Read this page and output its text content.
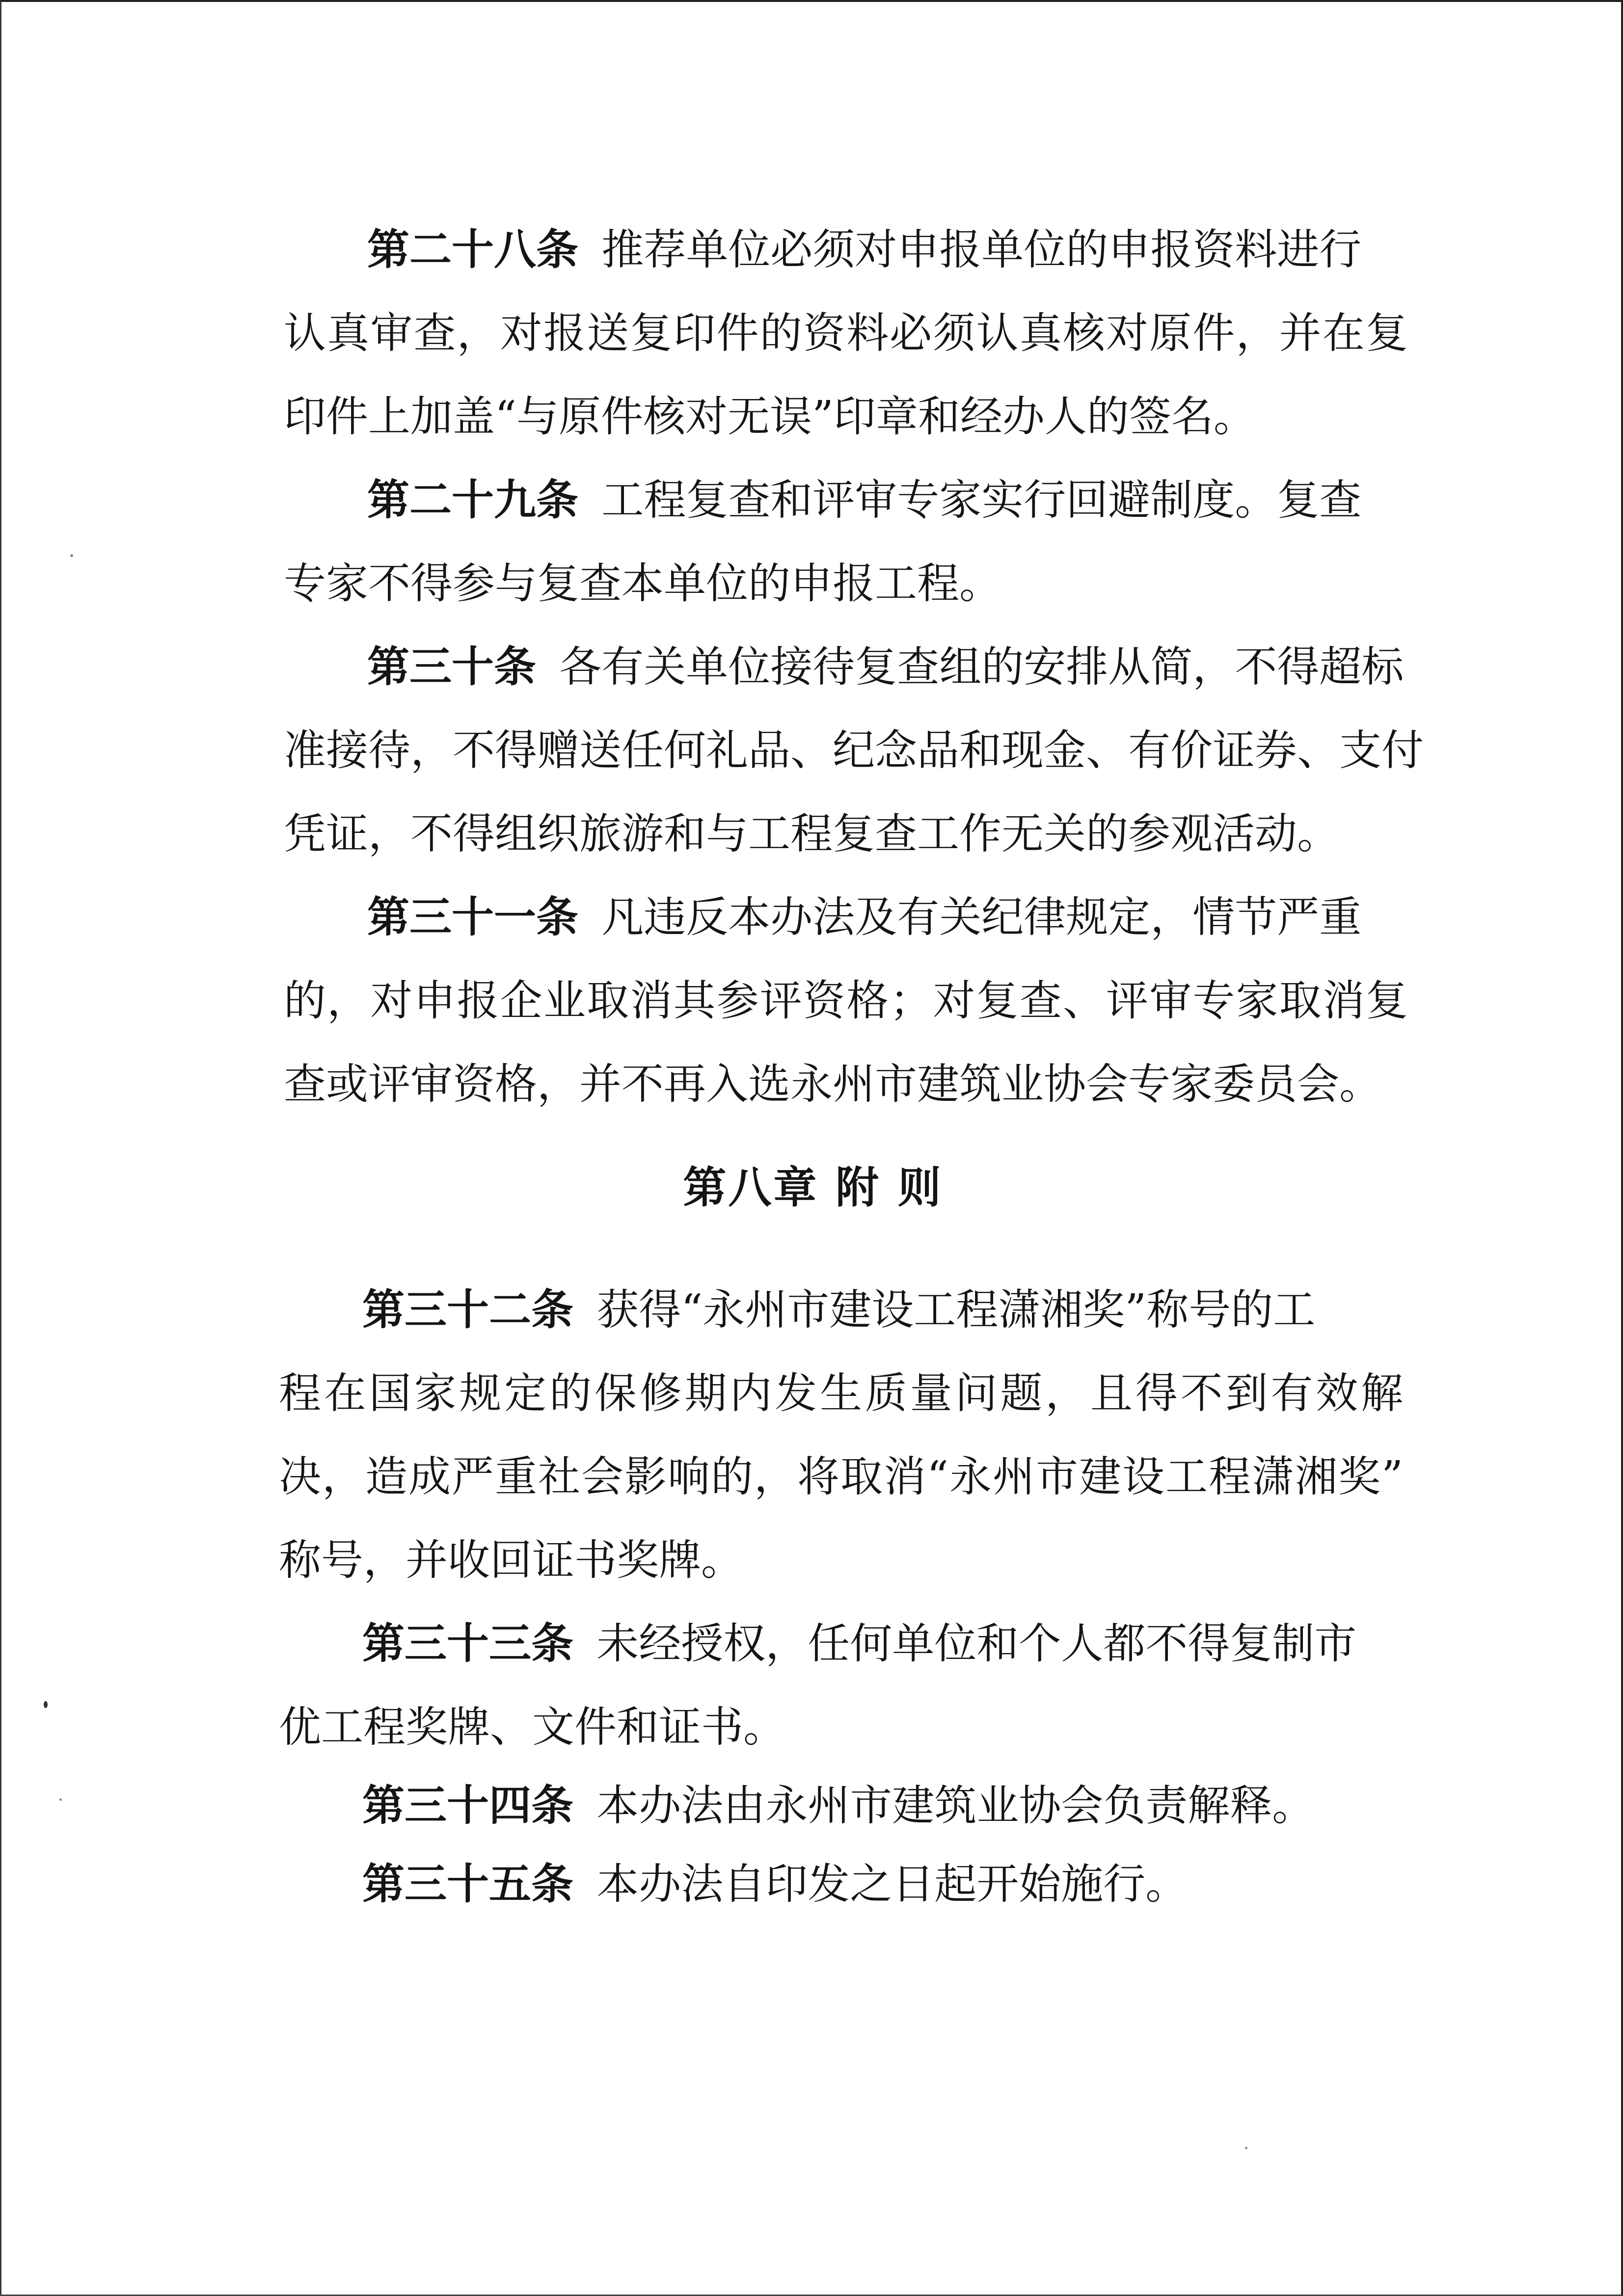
第二十八条 推荐单位必须对申报单位的申报资料进行
认真审查，对报送复印件的资料必须认真核对原件，并在复
印件上加盖“与原件核对无误”印章和经办人的签名。
第二十九条 工程复查和评审专家实行回避制度。复查
专家不得参与复查本单位的申报工程。
第三十条 各有关单位接待复查组的安排从简，不得超标
准接待，不得赠送任何礼品、纪念品和现金、有价证券、支付
凭证，不得组织旅游和与工程复查工作无关的参观活动。
第三十一条 凡违反本办法及有关纪律规定，情节严重
的，对申报企业取消其参评资格；对复查、评审专家取消复
查或评审资格，并不再入选永州市建筑业协会专家委员会。
第八章 附 则
第三十二条 获得“永州市建设工程潇湘奖”称号的工
程在国家规定的保修期内发生质量问题，且得不到有效解
决，造成严重社会影响的，将取消“永州市建设工程潇湘奖”
称号，并收回证书奖牌。
第三十三条 未经授权，任何单位和个人都不得复制市
优工程奖牌、文件和证书。
第三十四条 本办法由永州市建筑业协会负责解释。
第三十五条 本办法自印发之日起开始施行。
